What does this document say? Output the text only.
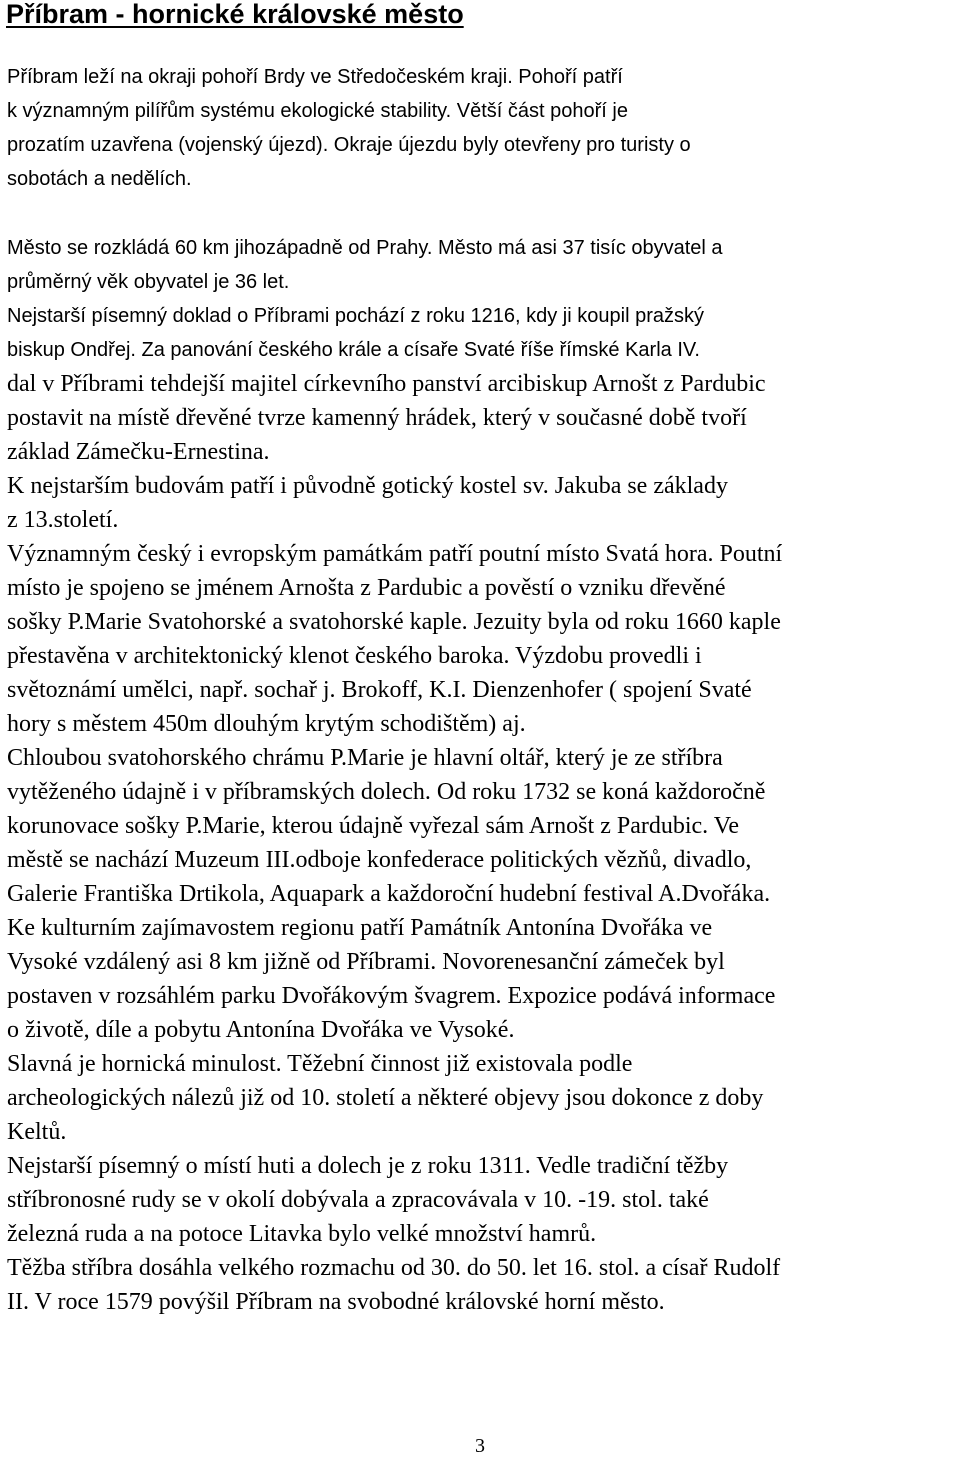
Příbram - hornické královské město

Příbram leží na okraji pohoří Brdy ve Středočeském kraji. Pohoří patří

k významným pilířům systému ekologické stability. Větší část pohoří je

prozatím uzavřena (vojenský újezd). Okraje újezdu byly otevřeny pro turisty o

sobotách a nedělích.

Město se rozkládá 60 km jihozápadně od Prahy. Město má asi 37 tisíc obyvatel a

průměrný věk obyvatel je 36 let.

Nejstarší písemný doklad o Příbrami pochází z roku 1216, kdy ji koupil pražský

biskup Ondřej. Za panování českého krále a císaře Svaté říše římské Karla IV.

dal v Příbrami tehdejší majitel církevního panství arcibiskup Arnošt z Pardubic

postavit na místě dřevěné tvrze kamenný hrádek, který v současné době tvoří

základ Zámečku-Ernestina.

K nejstarším budovám patří i původně gotický kostel sv. Jakuba se základy

z 13.století.

Významným český i evropským památkám patří poutní místo Svatá hora. Poutní

místo je spojeno se jménem Arnošta z Pardubic a pověstí o vzniku dřevěné

sošky P.Marie Svatohorské a svatohorské kaple. Jezuity byla od roku 1660 kaple

přestavěna v architektonický klenot českého baroka. Výzdobu provedli i

světoznámí umělci, např. sochař j. Brokoff, K.I. Dienzenhofer ( spojení Svaté

hory s městem 450m dlouhým krytým schodištěm) aj.

Chloubou svatohorského chrámu P.Marie je hlavní oltář, který je ze stříbra

vytěženého údajně i v příbramských dolech. Od roku 1732 se koná každoročně

korunovace sošky P.Marie, kterou údajně vyřezal sám Arnošt z Pardubic. Ve

městě se nachází Muzeum III.odboje konfederace politických vězňů, divadlo,

Galerie Františka Drtikola, Aquapark a každoroční hudební festival A.Dvořáka.

Ke kulturním zajímavostem regionu patří Památník Antonína Dvořáka ve

Vysoké vzdálený asi 8 km jižně od Příbrami. Novorenesanční zámeček byl

postaven v rozsáhlém parku Dvořákovým švagrem. Expozice podává informace

o životě, díle a pobytu Antonína Dvořáka ve Vysoké.

Slavná je hornická minulost. Těžební činnost již existovala podle

archeologických nálezů již od 10. století a některé objevy jsou dokonce z doby

Keltů.

Nejstarší písemný o místí huti a dolech je z roku 1311. Vedle tradiční těžby

stříbronosné rudy se v okolí dobývala a zpracovávala v 10. -19. stol. také

železná ruda a na potoce Litavka bylo velké množství hamrů.

Těžba stříbra dosáhla velkého rozmachu od 30. do 50. let 16. stol. a císař Rudolf

II. V roce 1579 povýšil Příbram na svobodné královské horní město.

3
